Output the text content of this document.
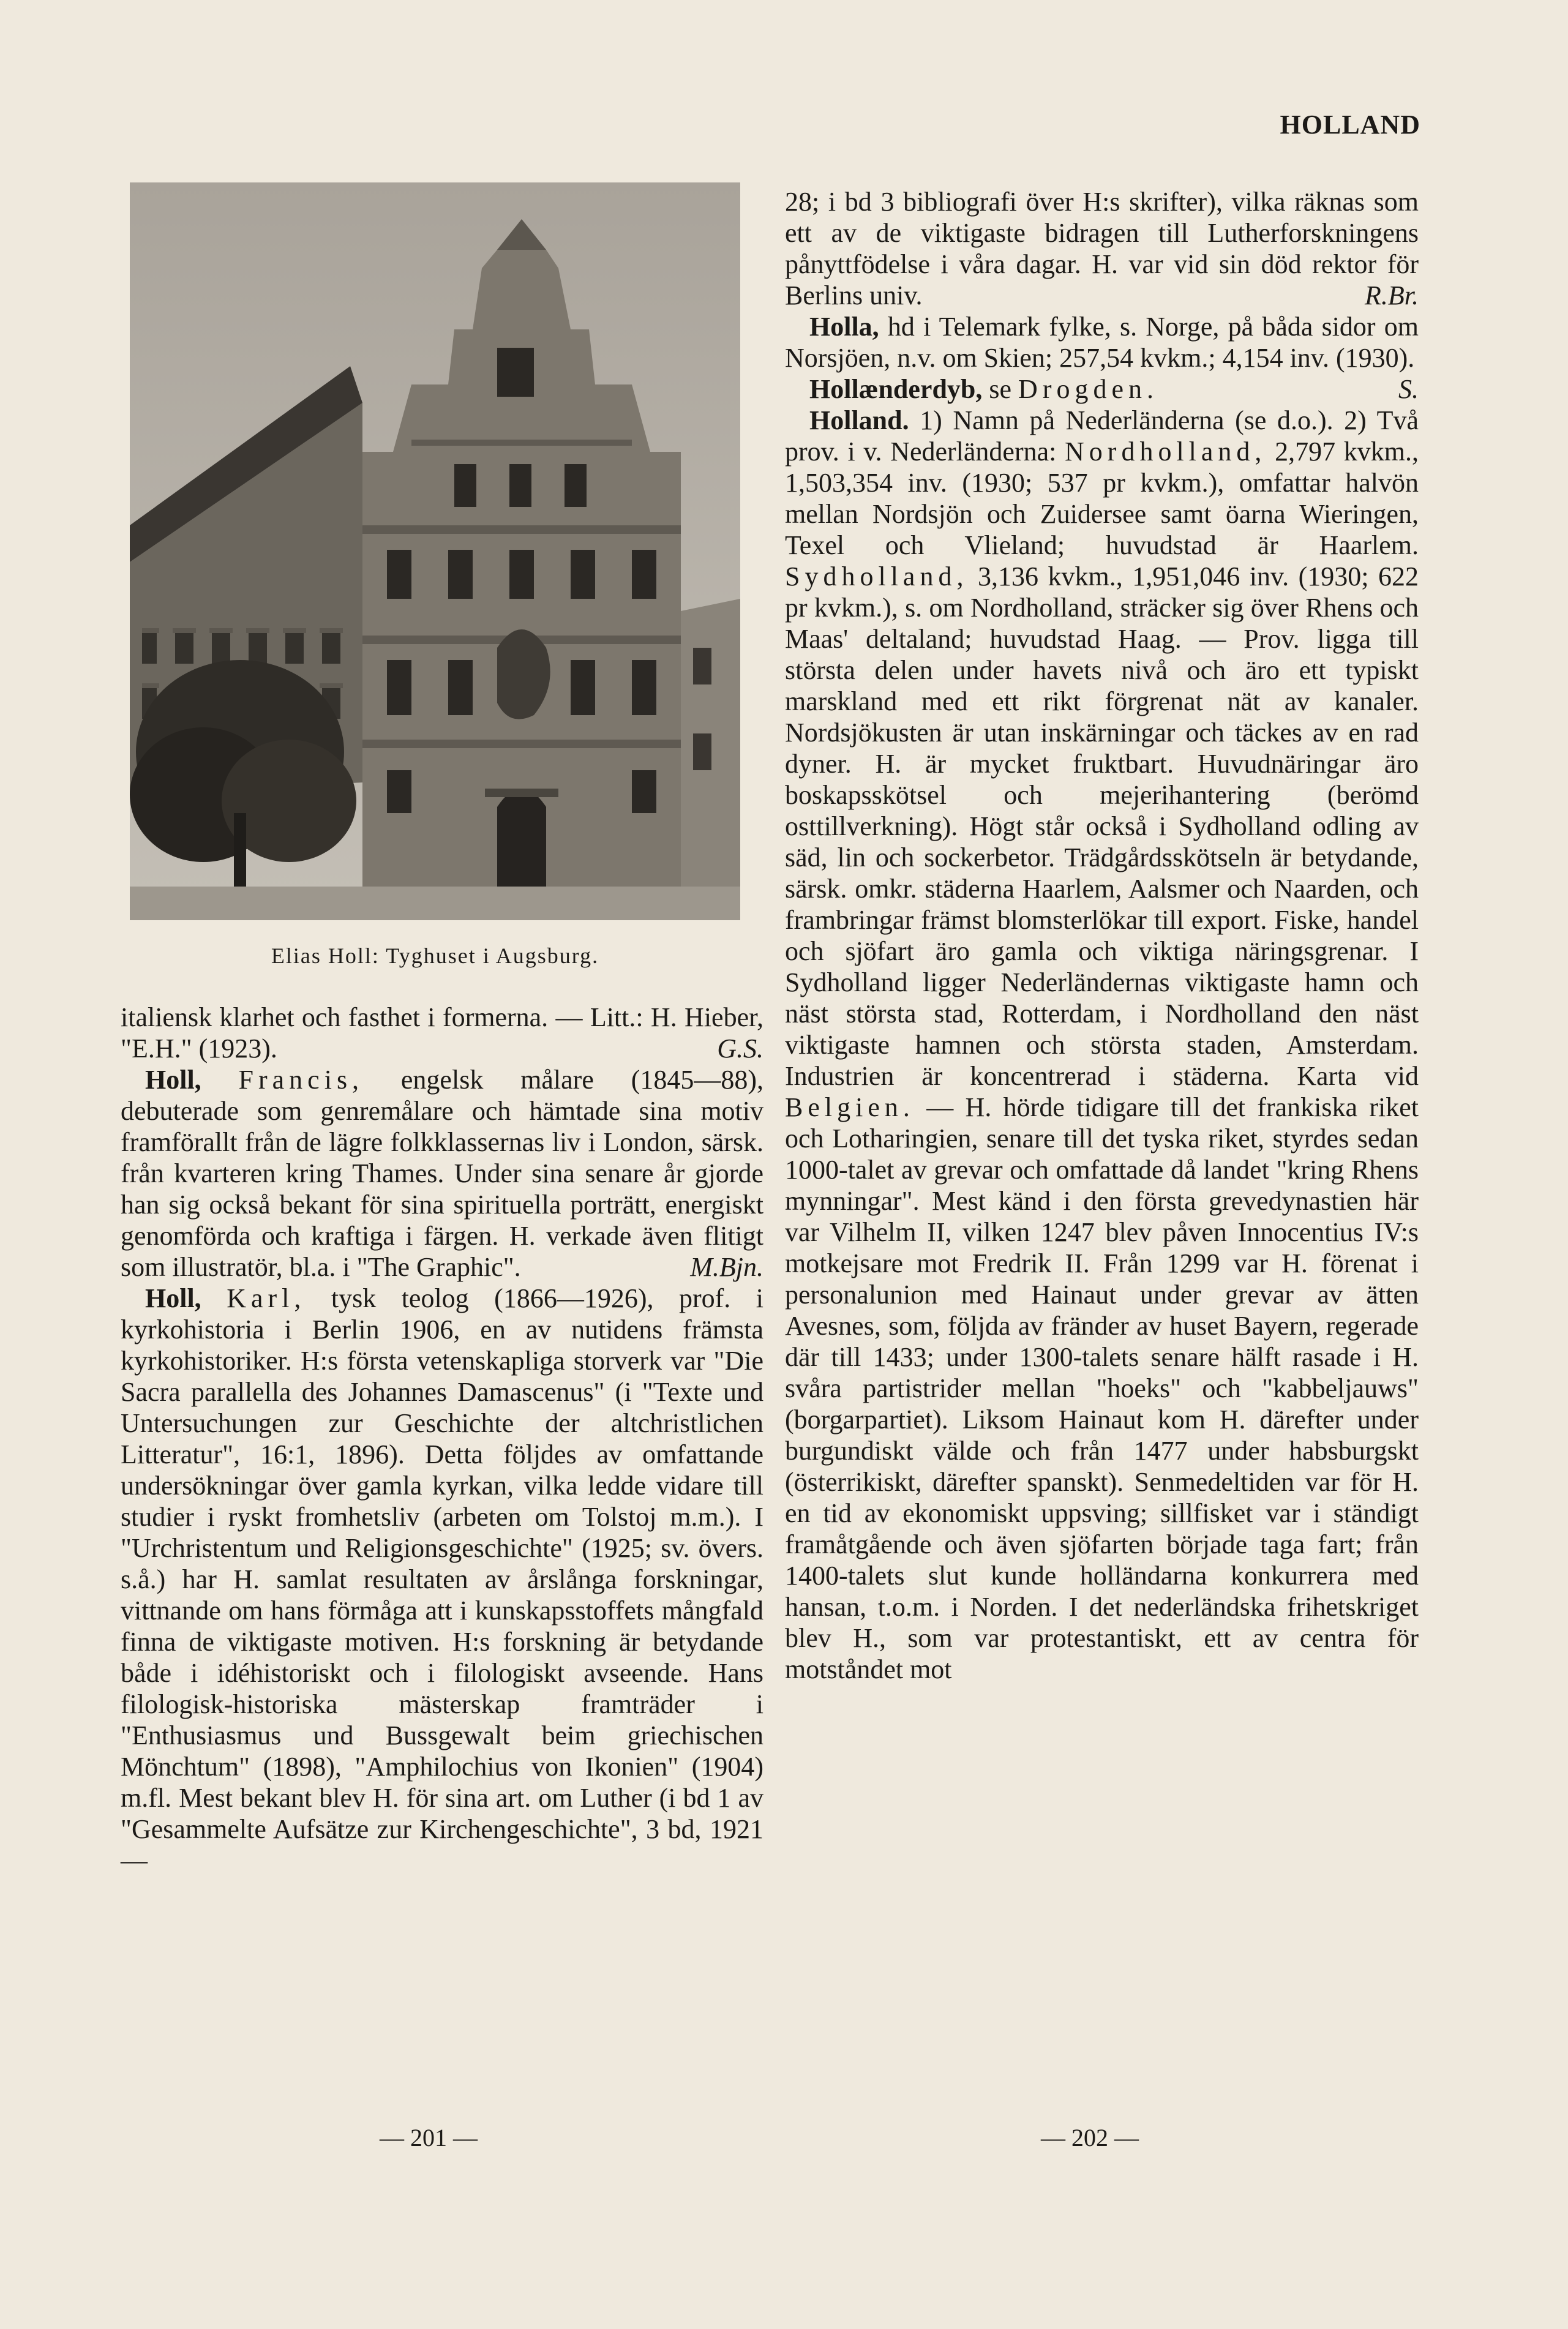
HOLLAND
Elias Holl: Tyghuset i Augsburg.

italiensk klarhet och fasthet i formerna. — Litt.: H. Hieber, "E.H." (1923).	G.S.

Holl, Francis, engelsk målare (1845—88), debuterade som genremålare och hämtade sina motiv framförallt från de lägre folkklassernas liv i London, särsk. från kvarteren kring Thames. Under sina senare år gjorde han sig också bekant för sina spirituella porträtt, energiskt genomförda och kraftiga i färgen. H. verkade även flitigt som illustratör, bl.a. i "The Graphic".	M.Bjn.

Holl, Karl, tysk teolog (1866—1926), prof. i kyrkohistoria i Berlin 1906, en av nutidens främsta kyrkohistoriker. H:s första vetenskapliga storverk var "Die Sacra parallella des Johannes Damascenus" (i "Texte und Untersuchungen zur Geschichte der altchristlichen Litteratur", 16:1, 1896). Detta följdes av omfattande undersökningar över gamla kyrkan, vilka ledde vidare till studier i ryskt fromhetsliv (arbeten om Tolstoj m.m.). I "Urchristentum und Religionsgeschichte" (1925; sv. övers. s.å.) har H. samlat resultaten av årslånga forskningar, vittnande om hans förmåga att i kunskapsstoffets mångfald finna de viktigaste motiven. H:s forskning är betydande både i idéhistoriskt och i filologiskt avseende. Hans filologisk-historiska mästerskap framträder i "Enthusiasmus und Bussgewalt beim griechischen Mönchtum" (1898), "Amphilochius von Ikonien" (1904) m.fl. Mest bekant blev H. för sina art. om Luther (i bd 1 av "Gesammelte Aufsätze zur Kirchengeschichte", 3 bd, 1921—

28; i bd 3 bibliografi över H:s skrifter), vilka räknas som ett av de viktigaste bidragen till Lutherforskningens pånyttfödelse i våra dagar. H. var vid sin död rektor för Berlins univ.	R.Br.

Holla, hd i Telemark fylke, s. Norge, på båda sidor om Norsjöen, n.v. om Skien; 257,54 kvkm.; 4,154 inv. (1930).
S.

Hollænderdyb, se Drogden.

Holland. 1) Namn på Nederländerna (se d.o.). 2) Två prov. i v. Nederländerna: Nordholland, 2,797 kvkm., 1,503,354 inv. (1930; 537 pr kvkm.), omfattar halvön mellan Nordsjön och Zuidersee samt öarna Wieringen, Texel och Vlieland; huvudstad är Haarlem. Sydholland, 3,136 kvkm., 1,951,046 inv. (1930; 622 pr kvkm.), s. om Nordholland, sträcker sig över Rhens och Maas' deltaland; huvudstad Haag. — Prov. ligga till största delen under havets nivå och äro ett typiskt marskland med ett rikt förgrenat nät av kanaler. Nordsjökusten är utan inskärningar och täckes av en rad dyner. H. är mycket fruktbart. Huvudnäringar äro boskapsskötsel och mejerihantering (berömd osttillverkning). Högt står också i Sydholland odling av säd, lin och sockerbetor. Trädgårdsskötseln är betydande, särsk. omkr. städerna Haarlem, Aalsmer och Naarden, och frambringar främst blomsterlökar till export. Fiske, handel och sjöfart äro gamla och viktiga näringsgrenar. I Sydholland ligger Nederländernas viktigaste hamn och näst största stad, Rotterdam, i Nordholland den näst viktigaste hamnen och största staden, Amsterdam. Industrien är koncentrerad i städerna. Karta vid Belgien. — H. hörde tidigare till det frankiska riket och Lotharingien, senare till det tyska riket, styrdes sedan 1000-talet av grevar och omfattade då landet "kring Rhens mynningar". Mest känd i den första grevedynastien här var Vilhelm II, vilken 1247 blev påven Innocentius IV:s motkejsare mot Fredrik II. Från 1299 var H. förenat i personalunion med Hainaut under grevar av ätten Avesnes, som, följda av fränder av huset Bayern, regerade där till 1433; under 1300-talets senare hälft rasade i H. svåra partistrider mellan "hoeks" och "kabbeljauws" (borgarpartiet). Liksom Hainaut kom H. därefter under burgundiskt välde och från 1477 under habsburgskt (österrikiskt, därefter spanskt). Senmedeltiden var för H. en tid av ekonomiskt uppsving; sillfisket var i ständigt framåtgående och även sjöfarten började taga fart; från 1400-talets slut kunde holländarna konkurrera med hansan, t.o.m. i Norden. I det nederländska frihetskriget blev H., som var protestantiskt, ett av centra för motståndet mot

— 201 —	— 202 —
